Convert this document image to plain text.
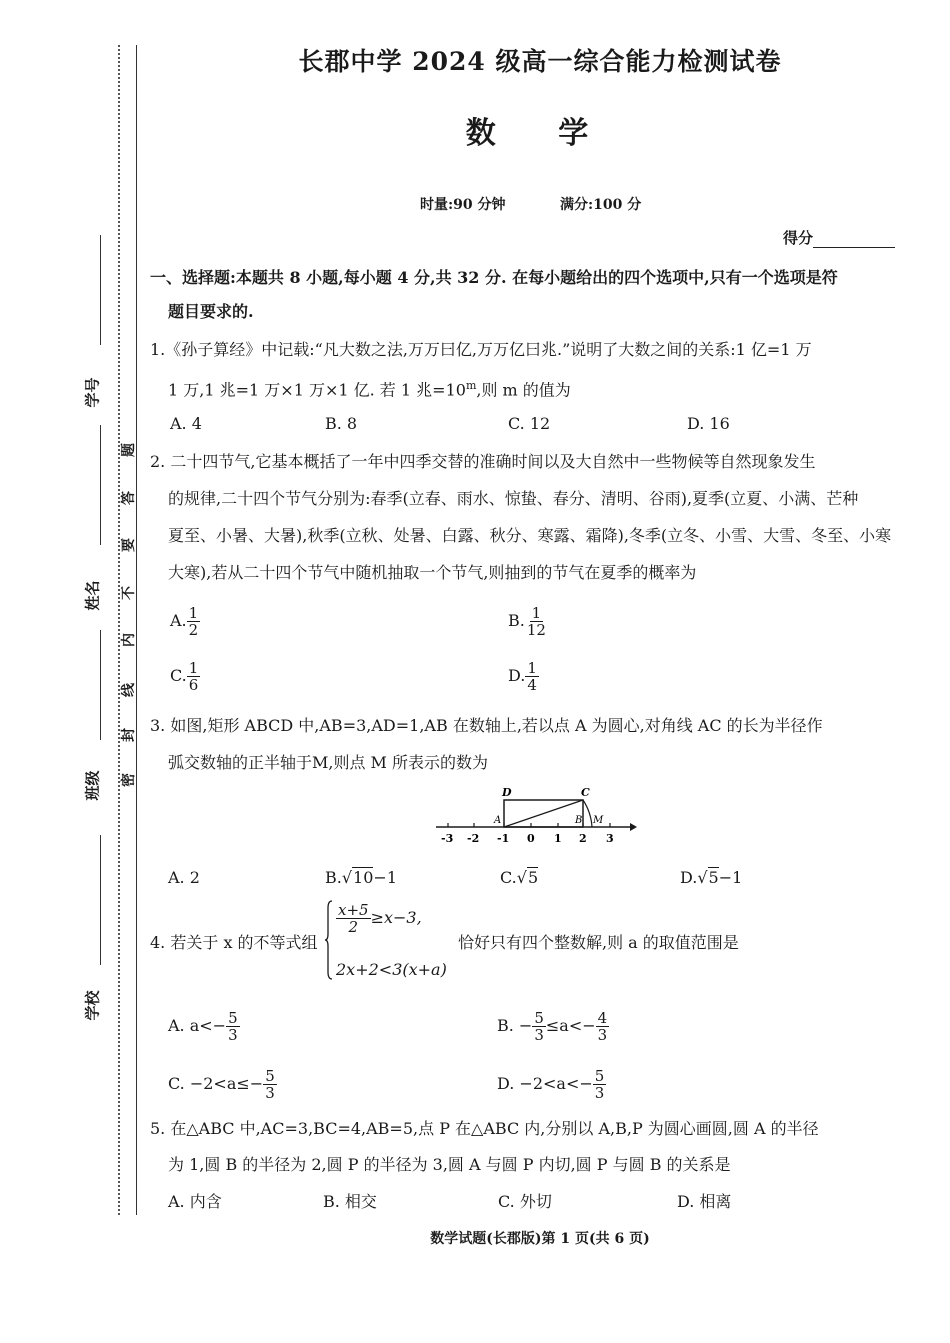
学号
姓名
班级
学校
密
封
线
内
不
要
答
题
长郡中学 2024 级高一综合能力检测试卷
数 学
时量:90 分钟	满分:100 分
得分
一、选择题:本题共 8 小题,每小题 4 分,共 32 分. 在每小题给出的四个选项中,只有一个选项是符
题目要求的.
1.《孙子算经》中记载:“凡大数之法,万万曰亿,万万亿曰兆.”说明了大数之间的关系:1 亿=1 万
1 万,1 兆=1 万×1 万×1 亿. 若 1 兆$=10^m$,则 m 的值为
A. 4	B. 8	C. 12	D. 16
2. 二十四节气,它基本概括了一年中四季交替的准确时间以及大自然中一些物候等自然现象发生
的规律,二十四个节气分别为:春季(立春、雨水、惊蛰、春分、清明、谷雨),夏季(立夏、小满、芒种
夏至、小暑、大暑),秋季(立秋、处暑、白露、秋分、寒露、霜降),冬季(立冬、小雪、大雪、冬至、小寒
大寒),若从二十四个节气中随机抽取一个节气,则抽到的节气在夏季的概率为
A. $\frac{1}{2}$	B. $\frac{1}{12}$
C. $\frac{1}{6}$	D. $\frac{1}{4}$
3. 如图,矩形 ABCD 中,AB=3,AD=1,AB 在数轴上,若以点 A 为圆心,对角线 AC 的长为半径作
弧交数轴的正半轴于M,则点 M 所表示的数为
D	C
A	B M
-3 -2 -1 0 1 2 3
A. 2	B.√10−1	C.√5	D.√5−1
4. 若关于 x 的不等式组
$\frac{x+5}{2} \ge x-3$,
2x+2<3(x+a)
恰好只有四个整数解,则 a 的取值范围是
A. $a<- \frac{5}{3}$	B. − $\frac{5}{3} \le a<- \frac{4}{3}$
C. $-2<a\le- \frac{5}{3}$	D. $-2<a<- \frac{5}{3}$
5. 在△ABC 中,AC=3,BC=4,AB=5,点 P 在△ABC 内,分别以 A,B,P 为圆心画圆,圆 A 的半径
为 1,圆 B 的半径为 2,圆 P 的半径为 3,圆 A 与圆 P 内切,圆 P 与圆 B 的关系是
A. 内含	B. 相交	C. 外切	D. 相离
数学试题(长郡版)第 1 页(共 6 页)
